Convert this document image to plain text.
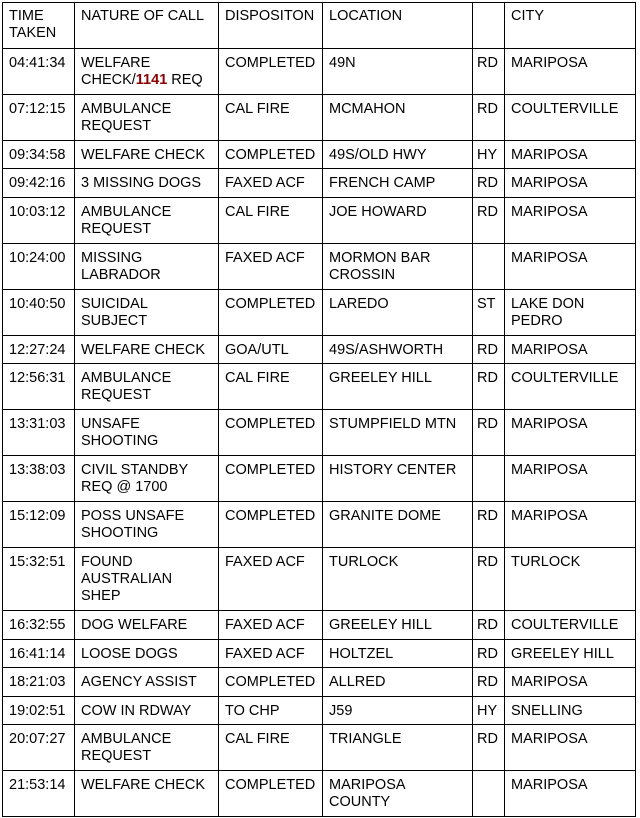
TIME TAKEN	NATURE OF CALL	DISPOSITON	LOCATION		CITY
04:41:34	WELFARE CHECK/1141 REQ	COMPLETED	49N	RD	MARIPOSA
07:12:15	AMBULANCE REQUEST	CAL FIRE	MCMAHON	RD	COULTERVILLE
09:34:58	WELFARE CHECK	COMPLETED	49S/OLD HWY	HY	MARIPOSA
09:42:16	3 MISSING DOGS	FAXED ACF	FRENCH CAMP	RD	MARIPOSA
10:03:12	AMBULANCE REQUEST	CAL FIRE	JOE HOWARD	RD	MARIPOSA
10:24:00	MISSING LABRADOR	FAXED ACF	MORMON BAR CROSSIN		MARIPOSA
10:40:50	SUICIDAL SUBJECT	COMPLETED	LAREDO	ST	LAKE DON PEDRO
12:27:24	WELFARE CHECK	GOA/UTL	49S/ASHWORTH	RD	MARIPOSA
12:56:31	AMBULANCE REQUEST	CAL FIRE	GREELEY HILL	RD	COULTERVILLE
13:31:03	UNSAFE SHOOTING	COMPLETED	STUMPFIELD MTN	RD	MARIPOSA
13:38:03	CIVIL STANDBY REQ @ 1700	COMPLETED	HISTORY CENTER		MARIPOSA
15:12:09	POSS UNSAFE SHOOTING	COMPLETED	GRANITE DOME	RD	MARIPOSA
15:32:51	FOUND AUSTRALIAN SHEP	FAXED ACF	TURLOCK	RD	TURLOCK
16:32:55	DOG WELFARE	FAXED ACF	GREELEY HILL	RD	COULTERVILLE
16:41:14	LOOSE DOGS	FAXED ACF	HOLTZEL	RD	GREELEY HILL
18:21:03	AGENCY ASSIST	COMPLETED	ALLRED	RD	MARIPOSA
19:02:51	COW IN RDWAY	TO CHP	J59	HY	SNELLING
20:07:27	AMBULANCE REQUEST	CAL FIRE	TRIANGLE	RD	MARIPOSA
21:53:14	WELFARE CHECK	COMPLETED	MARIPOSA COUNTY		MARIPOSA
